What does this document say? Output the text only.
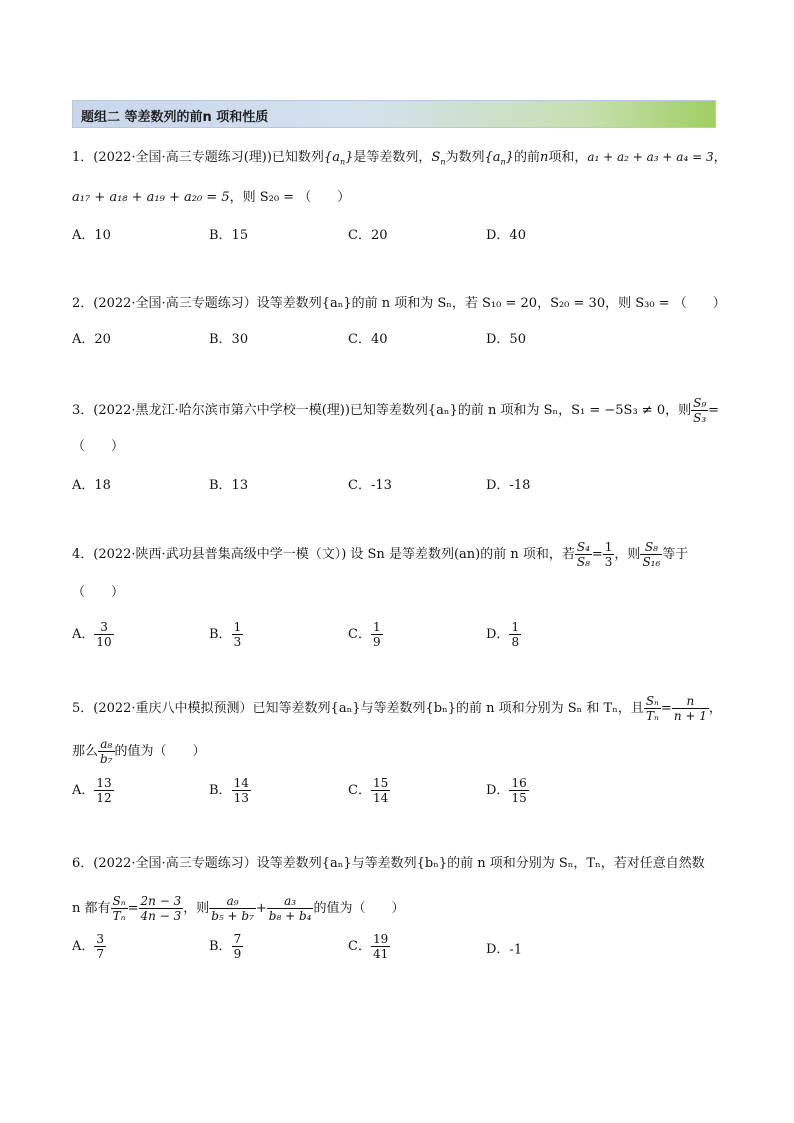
题组二 等差数列的前n 项和性质
1．(2022·全国·高三专题练习(理))已知数列$\{a_n\}$是等差数列，$S_n$为数列$\{a_n\}$的前n项和，a₁ + a₂ + a₃ + a₄ = 3，
a₁₇ + a₁₈ + a₁₉ + a₂₀ = 5，则 S₂₀ = （　　）
A．10	B．15	C．20	D．40
2．(2022·全国·高三专题练习）设等差数列{aₙ}的前 n 项和为 Sₙ，若 S₁₀ = 20，S₂₀ = 30，则 S₃₀ = （　　）
A．20	B．30	C．40	D．50
3．(2022·黑龙江·哈尔滨市第六中学校一模(理))已知等差数列{aₙ}的前 n 项和为 Sₙ，S₁ = −5S₃ ≠ 0，则 $\frac{\text{S₉}}{\text{S₃}}$ =
（　　）
A．18	B．13	C．-13	D．-18
4．(2022·陕西·武功县普集高级中学一模（文）) 设 Sn 是等差数列(an)的前 n 项和，若 $\frac{\text{S₄}}{\text{S₈}} = \frac{1}{3}$ ，则 $\frac{\text{S₈}}{\text{S₁₆}}$ 等于
（　　）
A． $\frac{3}{10}$	B． $\frac{1}{3}$	C． $\frac{1}{9}$	D． $\frac{1}{8}$
5．(2022·重庆八中模拟预测）已知等差数列{aₙ}与等差数列{bₙ}的前 n 项和分别为 Sₙ 和 Tₙ，且 $\frac{\text{Sₙ}}{\text{Tₙ}} = \frac{n}{n + 1}$ ，
那么 $\frac{\text{a₈}}{\text{b₇}}$ 的值为（　　）
A． $\frac{13}{12}$	B． $\frac{14}{13}$	C． $\frac{15}{14}$	D． $\frac{16}{15}$
6．(2022·全国·高三专题练习）设等差数列{aₙ}与等差数列{bₙ}的前 n 项和分别为 Sₙ，Tₙ，若对任意自然数
n 都有 $\frac{\text{Sₙ}}{\text{Tₙ}} = \frac{2n - 3}{4n - 3}$ ，则 $\frac{\text{a₉}}{\text{b₅ + b₇}} + \frac{\text{a₃}}{\text{b₈ + b₄}}$ 的值为（　　）
A． $\frac{3}{7}$	B． $\frac{7}{9}$	C． $\frac{19}{41}$	D．-1
